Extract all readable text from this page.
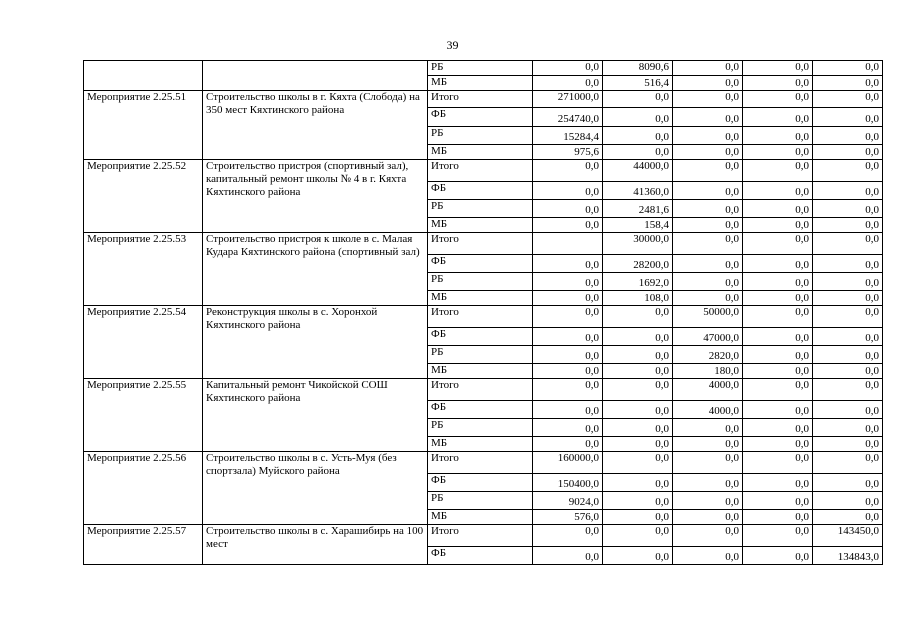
39
		РБ	0,0	8090,6	0,0	0,0	0,0
		МБ	0,0	516,4	0,0	0,0	0,0
Мероприятие 2.25.51	Строительство школы в г. Кяхта (Слобода) на 350 мест Кяхтинского района	Итого	271000,0	0,0	0,0	0,0	0,0
		ФБ	254740,0	0,0	0,0	0,0	0,0
		РБ	15284,4	0,0	0,0	0,0	0,0
		МБ	975,6	0,0	0,0	0,0	0,0
Мероприятие 2.25.52	Строительство пристроя (спортивный зал), капитальный ремонт школы № 4 в г. Кяхта Кяхтинского района	Итого	0,0	44000,0	0,0	0,0	0,0
		ФБ	0,0	41360,0	0,0	0,0	0,0
		РБ	0,0	2481,6	0,0	0,0	0,0
		МБ	0,0	158,4	0,0	0,0	0,0
Мероприятие 2.25.53	Строительство пристроя к школе в с. Малая Кудара Кяхтинского района (спортивный зал)	Итого		30000,0	0,0	0,0	0,0
		ФБ	0,0	28200,0	0,0	0,0	0,0
		РБ	0,0	1692,0	0,0	0,0	0,0
		МБ	0,0	108,0	0,0	0,0	0,0
Мероприятие 2.25.54	Реконструкция школы в с. Хоронхой Кяхтинского района	Итого	0,0	0,0	50000,0	0,0	0,0
		ФБ	0,0	0,0	47000,0	0,0	0,0
		РБ	0,0	0,0	2820,0	0,0	0,0
		МБ	0,0	0,0	180,0	0,0	0,0
Мероприятие 2.25.55	Капитальный ремонт Чикойской СОШ Кяхтинского района	Итого	0,0	0,0	4000,0	0,0	0,0
		ФБ	0,0	0,0	4000,0	0,0	0,0
		РБ	0,0	0,0	0,0	0,0	0,0
		МБ	0,0	0,0	0,0	0,0	0,0
Мероприятие 2.25.56	Строительство школы в с. Усть-Муя (без спортзала) Муйского района	Итого	160000,0	0,0	0,0	0,0	0,0
		ФБ	150400,0	0,0	0,0	0,0	0,0
		РБ	9024,0	0,0	0,0	0,0	0,0
		МБ	576,0	0,0	0,0	0,0	0,0
Мероприятие 2.25.57	Строительство школы в с. Харашибирь на 100 мест	Итого	0,0	0,0	0,0	0,0	143450,0
		ФБ	0,0	0,0	0,0	0,0	134843,0
